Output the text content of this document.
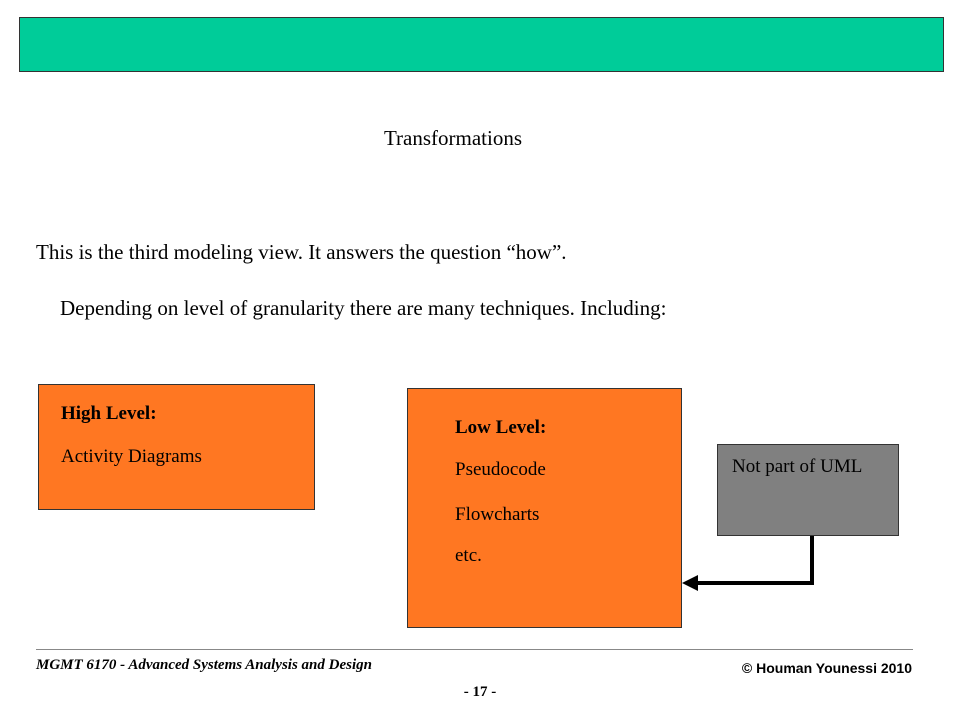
Transformations
This is the third modeling view. It answers the question “how”.
Depending on level of granularity there are many techniques. Including:
High Level:
Activity Diagrams
Low Level:
Pseudocode
Flowcharts
etc.
Not part of UML
MGMT 6170 - Advanced Systems Analysis and Design	© Houman Younessi 2010
- 17 -
